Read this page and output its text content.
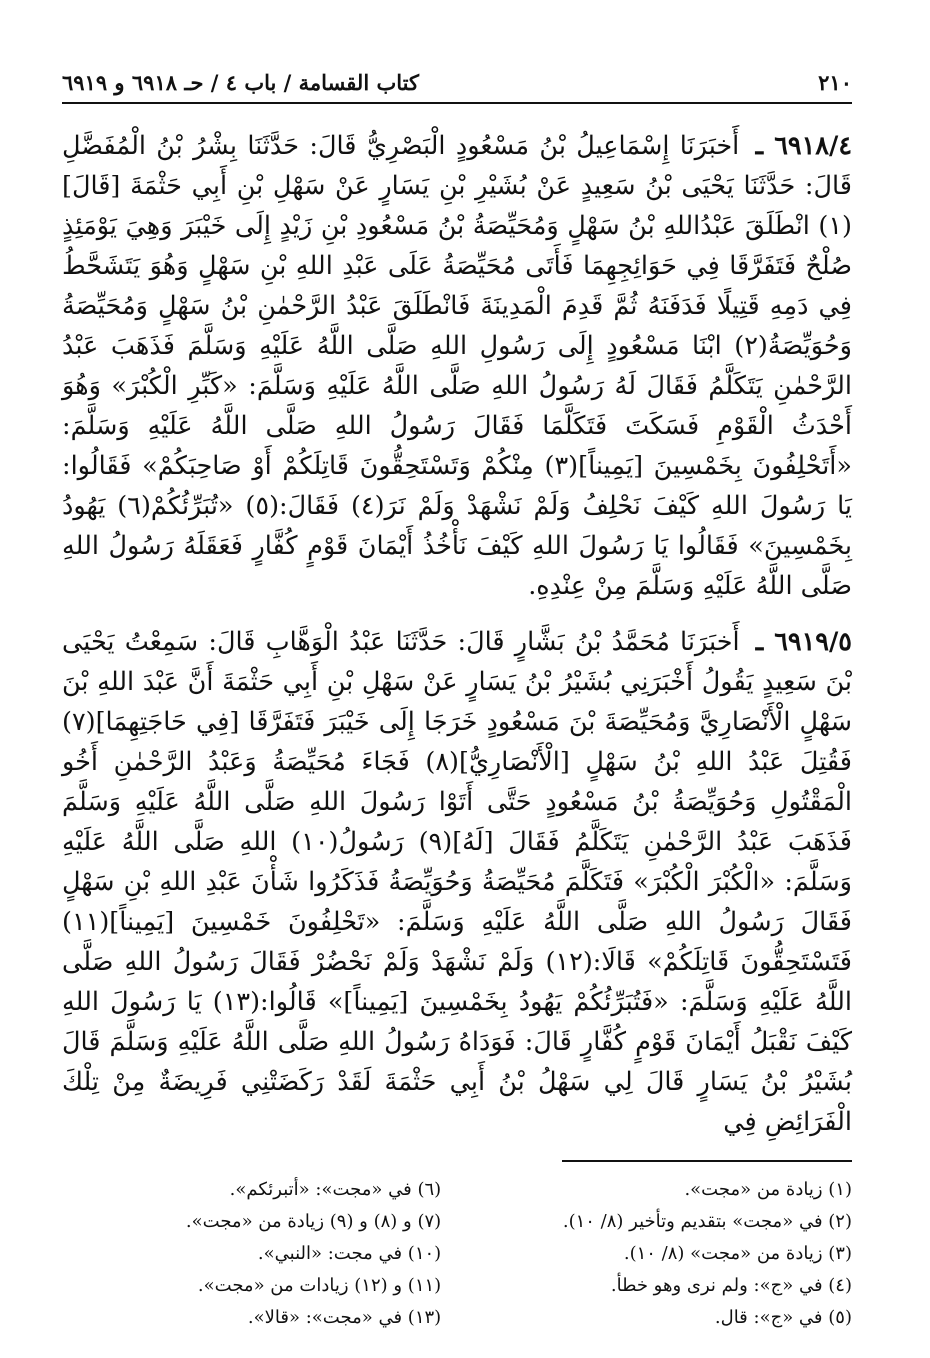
٢١٠
كتاب القسامة / باب ٤ / حـ ٦٩١٨ و ٦٩١٩

٦٩١٨/٤ ـ أَخبَرَنَا إِسْمَاعِيلُ بْنُ مَسْعُودٍ الْبَصْرِيُّ قَالَ: حَدَّثَنَا بِشْرُ بْنُ الْمُفَضَّلِ قَالَ: حَدَّثَنَا يَحْيَى بْنُ سَعِيدٍ عَنْ بُشَيْرِ بْنِ يَسَارٍ عَنْ سَهْلِ بْنِ أَبِي حَثْمَةَ [قَالَ](١) انْطَلَقَ عَبْدُاللهِ بْنُ سَهْلٍ وَمُحَيِّصَةُ بْنُ مَسْعُودِ بْنِ زَيْدٍ إِلَى خَيْبَرَ وَهِيَ يَوْمَئِذٍ صُلْحٌ فَتَفَرَّقَا فِي حَوَائِجِهِمَا فَأَتَى مُحَيِّصَةُ عَلَى عَبْدِ اللهِ بْنِ سَهْلٍ وَهُوَ يَتَشَحَّطُ فِي دَمِهِ قَتِيلًا فَدَفَنَهُ ثُمَّ قَدِمَ الْمَدِينَةَ فَانْطَلَقَ عَبْدُ الرَّحْمٰنِ بْنُ سَهْلٍ وَمُحَيِّصَةُ وَحُوَيِّصَةُ(٢) ابْنَا مَسْعُودٍ إِلَى رَسُولِ اللهِ صَلَّى اللَّهُ عَلَيْهِ وَسَلَّمَ فَذَهَبَ عَبْدُ الرَّحْمٰنِ يَتَكَلَّمُ فَقَالَ لَهُ رَسُولُ اللهِ صَلَّى اللَّهُ عَلَيْهِ وَسَلَّمَ: «كَبِّرِ الْكُبْرَ» وَهُوَ أَحْدَثُ الْقَوْمِ فَسَكَتَ فَتَكَلَّمَا فَقَالَ رَسُولُ اللهِ صَلَّى اللَّهُ عَلَيْهِ وَسَلَّمَ: «أَتَحْلِفُونَ بِخَمْسِينَ [يَمِيناً](٣) مِنْكُمْ وَتَسْتَحِقُّونَ قَاتِلَكُمْ أَوْ صَاحِبَكُمْ» فَقَالُوا: يَا رَسُولَ اللهِ كَيْفَ نَحْلِفُ وَلَمْ نَشْهَدْ وَلَمْ نَرَ(٤) فَقَالَ:(٥) «تُبَرِّئُكُمْ(٦) يَهُودُ بِخَمْسِينَ» فَقَالُوا يَا رَسُولَ اللهِ كَيْفَ نَأْخُذُ أَيْمَانَ قَوْمٍ كُفَّارٍ فَعَقَلَهُ رَسُولُ اللهِ صَلَّى اللَّهُ عَلَيْهِ وَسَلَّمَ مِنْ عِنْدِهِ.

٦٩١٩/٥ ـ أَخبَرَنَا مُحَمَّدُ بْنُ بَشَّارٍ قَالَ: حَدَّثَنَا عَبْدُ الْوَهَّابِ قَالَ: سَمِعْتُ يَحْيَى بْنَ سَعِيدٍ يَقُولُ أَخْبَرَنِي بُشَيْرُ بْنُ يَسَارٍ عَنْ سَهْلِ بْنِ أَبِي حَثْمَةَ أَنَّ عَبْدَ اللهِ بْنَ سَهْلٍ الْأَنْصَارِيَّ وَمُحَيِّصَةَ بْنَ مَسْعُودٍ خَرَجَا إِلَى خَيْبَرَ فَتَفَرَّقَا [فِي حَاجَتِهِمَا](٧) فَقُتِلَ عَبْدُ اللهِ بْنُ سَهْلٍ [الْأَنْصَارِيُّ](٨) فَجَاءَ مُحَيِّصَةُ وَعَبْدُ الرَّحْمٰنِ أَخُو الْمَقْتُولِ وَحُوَيِّصَةُ بْنُ مَسْعُودٍ حَتَّى أَتَوْا رَسُولَ اللهِ صَلَّى اللَّهُ عَلَيْهِ وَسَلَّمَ فَذَهَبَ عَبْدُ الرَّحْمٰنِ يَتَكَلَّمُ فَقَالَ [لَهُ](٩) رَسُولُ(١٠) اللهِ صَلَّى اللَّهُ عَلَيْهِ وَسَلَّمَ: «الْكُبْرَ الْكُبْرَ» فَتَكَلَّمَ مُحَيِّصَةُ وَحُوَيِّصَةُ فَذَكَرُوا شَأْنَ عَبْدِ اللهِ بْنِ سَهْلٍ فَقَالَ رَسُولُ اللهِ صَلَّى اللَّهُ عَلَيْهِ وَسَلَّمَ: «تَحْلِفُونَ خَمْسِينَ [يَمِيناً](١١) فَتَسْتَحِقُّونَ قَاتِلَكُمْ» قَالَا:(١٢) وَلَمْ نَشْهَدْ وَلَمْ نَحْضُرْ فَقَالَ رَسُولُ اللهِ صَلَّى اللَّهُ عَلَيْهِ وَسَلَّمَ: «فَتُبَرِّئُكُمْ يَهُودُ بِخَمْسِينَ [يَمِيناً]» قَالُوا:(١٣) يَا رَسُولَ اللهِ كَيْفَ نَقْبَلُ أَيْمَانَ قَوْمٍ كُفَّارٍ قَالَ: فَوَدَاهُ رَسُولُ اللهِ صَلَّى اللَّهُ عَلَيْهِ وَسَلَّمَ قَالَ بُشَيْرُ بْنُ يَسَارٍ قَالَ لِي سَهْلُ بْنُ أَبِي حَثْمَةَ لَقَدْ رَكَضَتْنِي فَرِيضَةٌ مِنْ تِلْكَ الْفَرَائِضِ فِي

(١) زيادة من «مجت».
(٢) في «مجت» بتقديم وتأخير (٨/ ١٠).
(٣) زيادة من «مجت» (٨/ ١٠).
(٤) في «ج»: ولم نرى وهو خطأ.
(٥) في «ج»: قال.
(٦) في «مجت»: «أتبرئكم».
(٧) و (٨) و (٩) زيادة من «مجت».
(١٠) في مجت: «النبي».
(١١) و (١٢) زيادات من «مجت».
(١٣) في «مجت»: «قالا».
